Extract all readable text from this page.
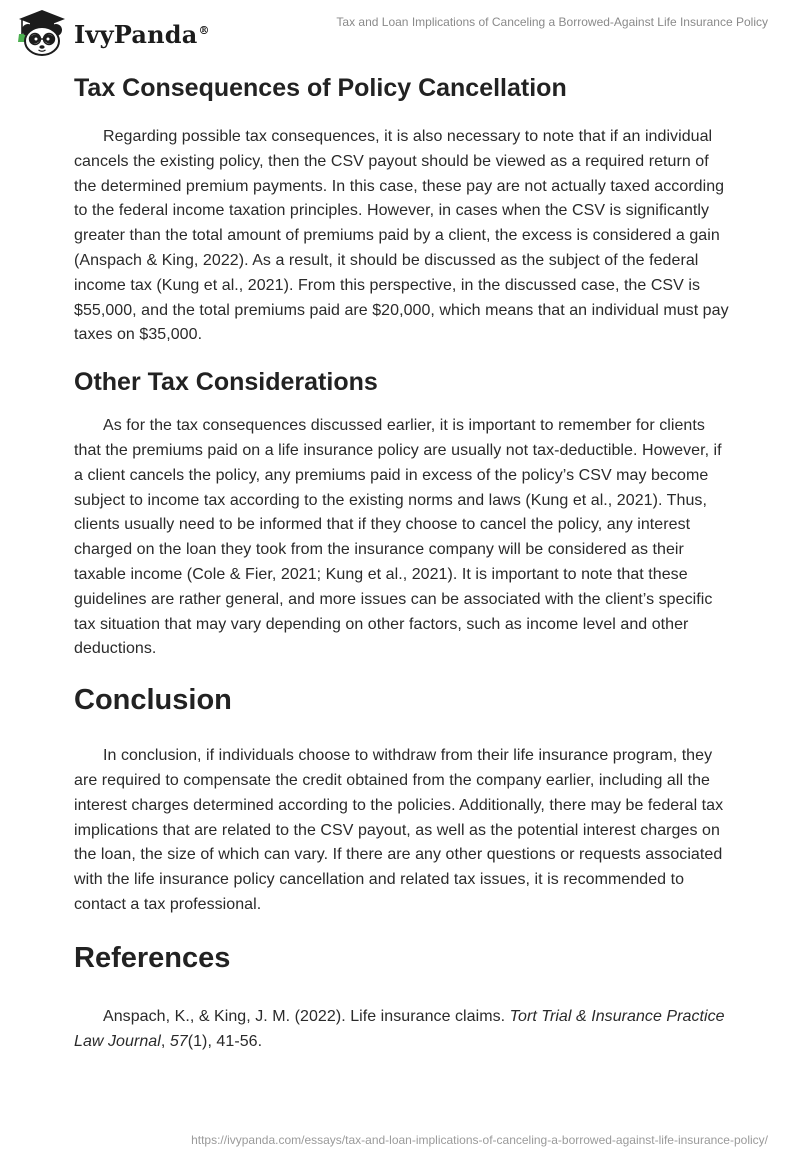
IvyPanda®
Tax and Loan Implications of Canceling a Borrowed-Against Life Insurance Policy
Tax Consequences of Policy Cancellation

Regarding possible tax consequences, it is also necessary to note that if an individual cancels the existing policy, then the CSV payout should be viewed as a required return of the determined premium payments. In this case, these pay are not actually taxed according to the federal income taxation principles. However, in cases when the CSV is significantly greater than the total amount of premiums paid by a client, the excess is considered a gain (Anspach & King, 2022). As a result, it should be discussed as the subject of the federal income tax (Kung et al., 2021). From this perspective, in the discussed case, the CSV is $55,000, and the total premiums paid are $20,000, which means that an individual must pay taxes on $35,000.

Other Tax Considerations

As for the tax consequences discussed earlier, it is important to remember for clients that the premiums paid on a life insurance policy are usually not tax-deductible. However, if a client cancels the policy, any premiums paid in excess of the policy’s CSV may become subject to income tax according to the existing norms and laws (Kung et al., 2021). Thus, clients usually need to be informed that if they choose to cancel the policy, any interest charged on the loan they took from the insurance company will be considered as their taxable income (Cole & Fier, 2021; Kung et al., 2021). It is important to note that these guidelines are rather general, and more issues can be associated with the client’s specific tax situation that may vary depending on other factors, such as income level and other deductions.

Conclusion

In conclusion, if individuals choose to withdraw from their life insurance program, they are required to compensate the credit obtained from the company earlier, including all the interest charges determined according to the policies. Additionally, there may be federal tax implications that are related to the CSV payout, as well as the potential interest charges on the loan, the size of which can vary. If there are any other questions or requests associated with the life insurance policy cancellation and related tax issues, it is recommended to contact a tax professional.

References

Anspach, K., & King, J. M. (2022). Life insurance claims. Tort Trial & Insurance Practice Law Journal, 57(1), 41-56.

https://ivypanda.com/essays/tax-and-loan-implications-of-canceling-a-borrowed-against-life-insurance-policy/
